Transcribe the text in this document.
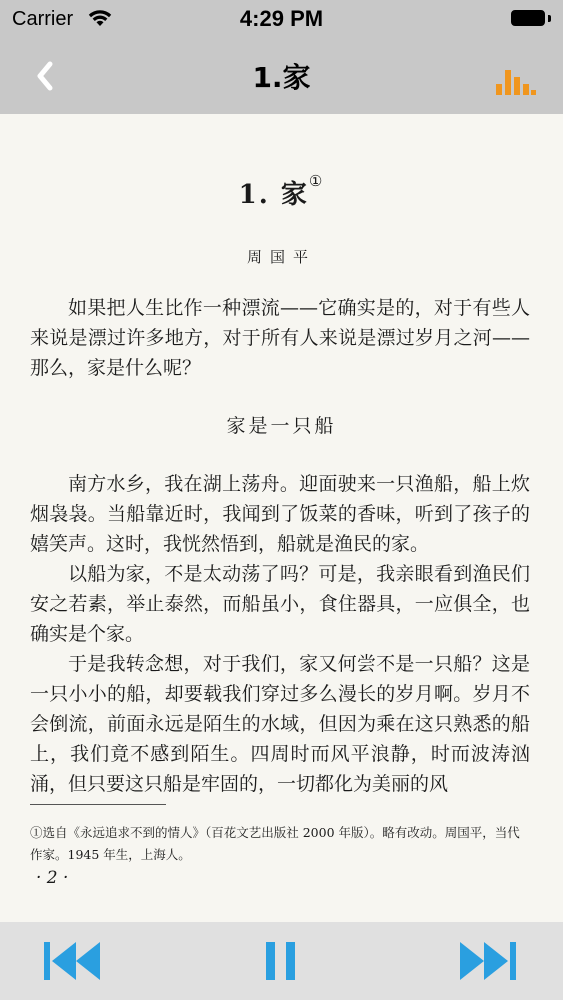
Carrier	4:29 PM
1.家
1. 家①
周国平

如果把人生比作一种漂流——它确实是的，对于有些人来说是漂过许多地方，对于所有人来说是漂过岁月之河——那么，家是什么呢？

家是一只船

南方水乡，我在湖上荡舟。迎面驶来一只渔船，船上炊烟袅袅。当船靠近时，我闻到了饭菜的香味，听到了孩子的嬉笑声。这时，我恍然悟到，船就是渔民的家。

以船为家，不是太动荡了吗？可是，我亲眼看到渔民们安之若素，举止泰然，而船虽小，食住器具，一应俱全，也确实是个家。

于是我转念想，对于我们，家又何尝不是一只船？这是一只小小的船，却要载我们穿过多么漫长的岁月啊。岁月不会倒流，前面永远是陌生的水域，但因为乘在这只熟悉的船上，我们竟不感到陌生。四周时而风平浪静，时而波涛汹涌，但只要这只船是牢固的，一切都化为美丽的风

①选自《永远追求不到的情人》（百花文艺出版社 2000 年版）。略有改动。周国平，当代作家。1945 年生，上海人。

· 2 ·
